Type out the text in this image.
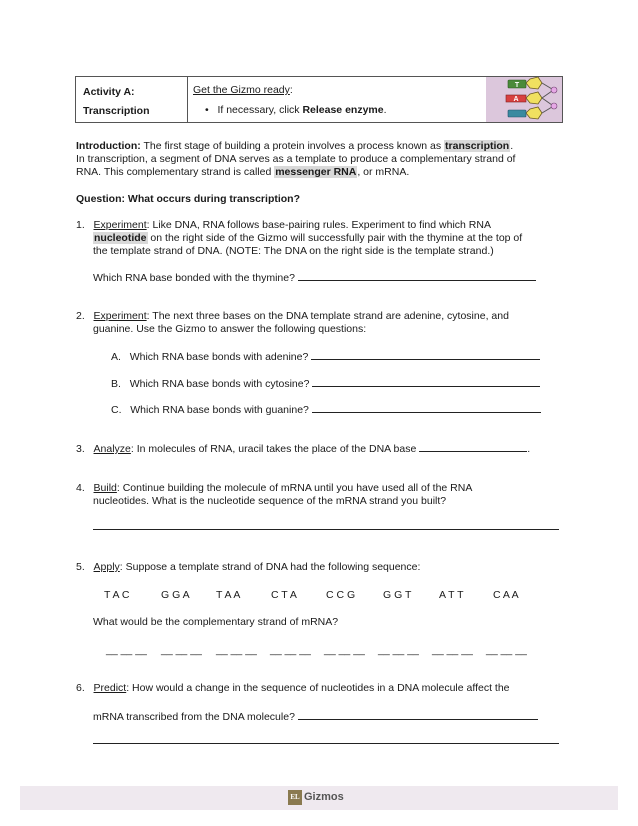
Activity A:
Transcription
Get the Gizmo ready:
• If necessary, click Release enzyme.
T
A
Introduction: The first stage of building a protein involves a process known as transcription.
In transcription, a segment of DNA serves as a template to produce a complementary strand of
RNA. This complementary strand is called messenger RNA, or mRNA.
Question: What occurs during transcription?
1. Experiment: Like DNA, RNA follows base-pairing rules. Experiment to find which RNA
nucleotide on the right side of the Gizmo will successfully pair with the thymine at the top of
the template strand of DNA. (NOTE: The DNA on the right side is the template strand.)
Which RNA base bonded with the thymine?
2. Experiment: The next three bases on the DNA template strand are adenine, cytosine, and
guanine. Use the Gizmo to answer the following questions:
A. Which RNA base bonds with adenine?
B. Which RNA base bonds with cytosine?
C. Which RNA base bonds with guanine?
3. Analyze: In molecules of RNA, uracil takes the place of the DNA base	.
4. Build: Continue building the molecule of mRNA until you have used all of the RNA
nucleotides. What is the nucleotide sequence of the mRNA strand you built?
5. Apply: Suppose a template strand of DNA had the following sequence:
T A C	G G A	T A A	C T A	C C G	G G T	A T T	C A A
What would be the complementary strand of mRNA?
__ __ __ __ __ __ __ __ __ __ __ __ __ __ __ __ __ __ __ __ __ __ __ __
6. Predict: How would a change in the sequence of nucleotides in a DNA molecule affect the
mRNA transcribed from the DNA molecule?
EL Gizmos
